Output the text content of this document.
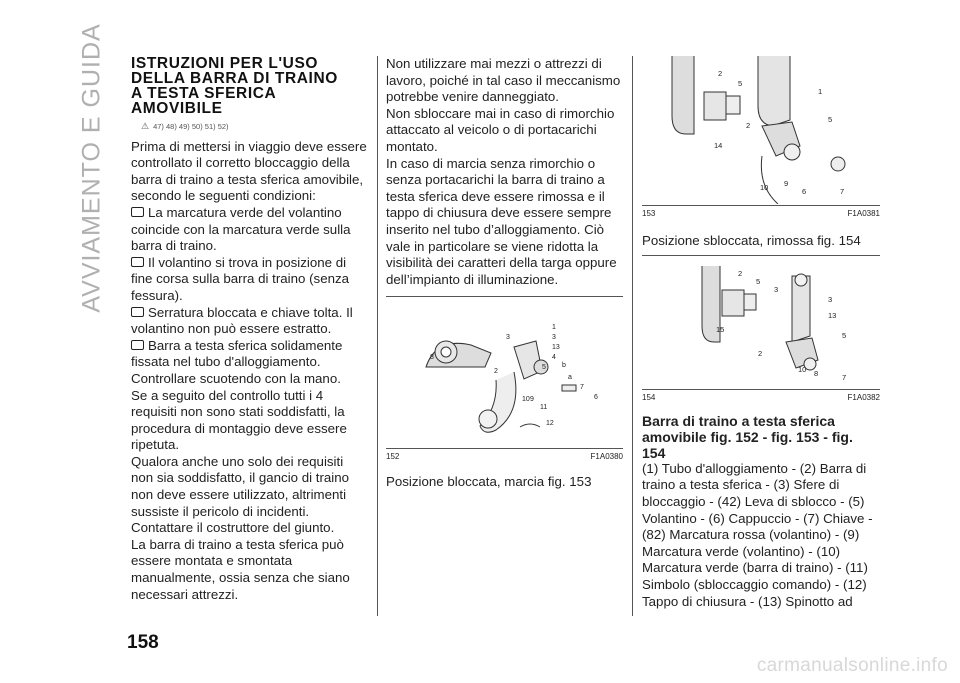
AVVIAMENTO E GUIDA ISTRUZIONI PER L'USO
DELLA BARRA DI TRAINO
A TESTA SFERICA
AMOVIBILE
⚠ 47) 48) 49) 50) 51) 52)

Prima di mettersi in viaggio deve essere controllato il corretto bloccaggio della barra di traino a testa sferica amovibile, secondo le seguenti condizioni:

La marcatura verde del volantino coincide con la marcatura verde sulla barra di traino.

Il volantino si trova in posizione di fine corsa sulla barra di traino (senza fessura).

Serratura bloccata e chiave tolta. Il volantino non può essere estratto.

Barra a testa sferica solidamente fissata nel tubo d'alloggiamento.

Controllare scuotendo con la mano.

Se a seguito del controllo tutti i 4 requisiti non sono stati soddisfatti, la procedura di montaggio deve essere ripetuta.

Qualora anche uno solo dei requisiti non sia soddisfatto, il gancio di traino non deve essere utilizzato, altrimenti sussiste il pericolo di incidenti.

Contattare il costruttore del giunto.

La barra di traino a testa sferica può essere montata e smontata manualmente, ossia senza che siano necessari attrezzi.

Non utilizzare mai mezzi o attrezzi di lavoro, poiché in tal caso il meccanismo potrebbe venire danneggiato.

Non sbloccare mai in caso di rimorchio attaccato al veicolo o di portacarichi montato.

In caso di marcia senza rimorchio o senza portacarichi la barra di traino a testa sferica deve essere rimossa e il tappo di chiusura deve essere sempre inserito nel tubo d’alloggiamento. Ciò vale in particolare se viene ridotta la visibilità dei caratteri della targa oppure dell’impianto di illuminazione.

1
3
13
4
5
a
b
7
6
3
2
8
10 9
11
12
152	F1A0380

Posizione bloccata, marcia fig. 153

2
5
1
2
5
14
10 9
6	7
153	F1A0381

Posizione sbloccata, rimossa fig. 154

2
5
3
3
13
15
5
2
10 8	7
154	F1A0382

Barra di traino a testa sferica amovibile fig. 152 - fig. 153 - fig. 154

(1) Tubo d'alloggiamento - (2) Barra di traino a testa sferica - (3) Sfere di bloccaggio - (42) Leva di sblocco - (5) Volantino - (6) Cappuccio - (7) Chiave - (82) Marcatura rossa (volantino) - (9) Marcatura verde (volantino) - (10) Marcatura verde (barra di traino) - (11) Simbolo (sbloccaggio comando) - (12) Tappo di chiusura - (13) Spinotto ad

158
carmanualsonline.info
